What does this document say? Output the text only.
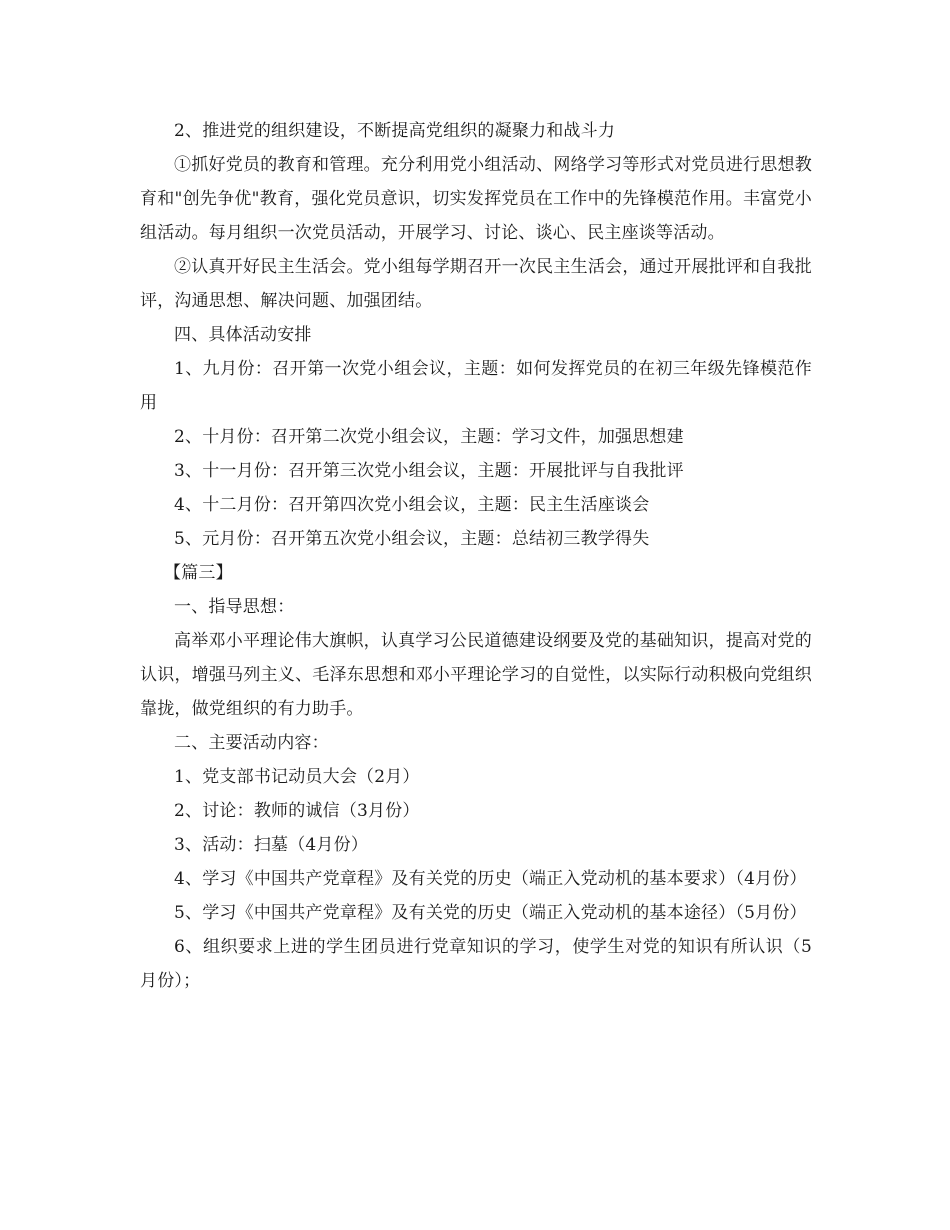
2、推进党的组织建设，不断提高党组织的凝聚力和战斗力

①抓好党员的教育和管理。充分利用党小组活动、网络学习等形式对党员进行思想教育和"创先争优"教育，强化党员意识，切实发挥党员在工作中的先锋模范作用。丰富党小组活动。每月组织一次党员活动，开展学习、讨论、谈心、民主座谈等活动。

②认真开好民主生活会。党小组每学期召开一次民主生活会，通过开展批评和自我批评，沟通思想、解决问题、加强团结。

四、具体活动安排

1、九月份：召开第一次党小组会议，主题：如何发挥党员的在初三年级先锋模范作用

2、十月份：召开第二次党小组会议，主题：学习文件，加强思想建

3、十一月份：召开第三次党小组会议，主题：开展批评与自我批评

4、十二月份：召开第四次党小组会议，主题：民主生活座谈会

5、元月份：召开第五次党小组会议，主题：总结初三教学得失

【篇三】

一、指导思想：

高举邓小平理论伟大旗帜，认真学习公民道德建设纲要及党的基础知识，提高对党的认识，增强马列主义、毛泽东思想和邓小平理论学习的自觉性，以实际行动积极向党组织靠拢，做党组织的有力助手。

二、主要活动内容：

1、党支部书记动员大会（2月）

2、讨论：教师的诚信（3月份）

3、活动：扫墓（4月份）

4、学习《中国共产党章程》及有关党的历史（端正入党动机的基本要求）（4月份）

5、学习《中国共产党章程》及有关党的历史（端正入党动机的基本途径）（5月份）

6、组织要求上进的学生团员进行党章知识的学习，使学生对党的知识有所认识（5月份）；
